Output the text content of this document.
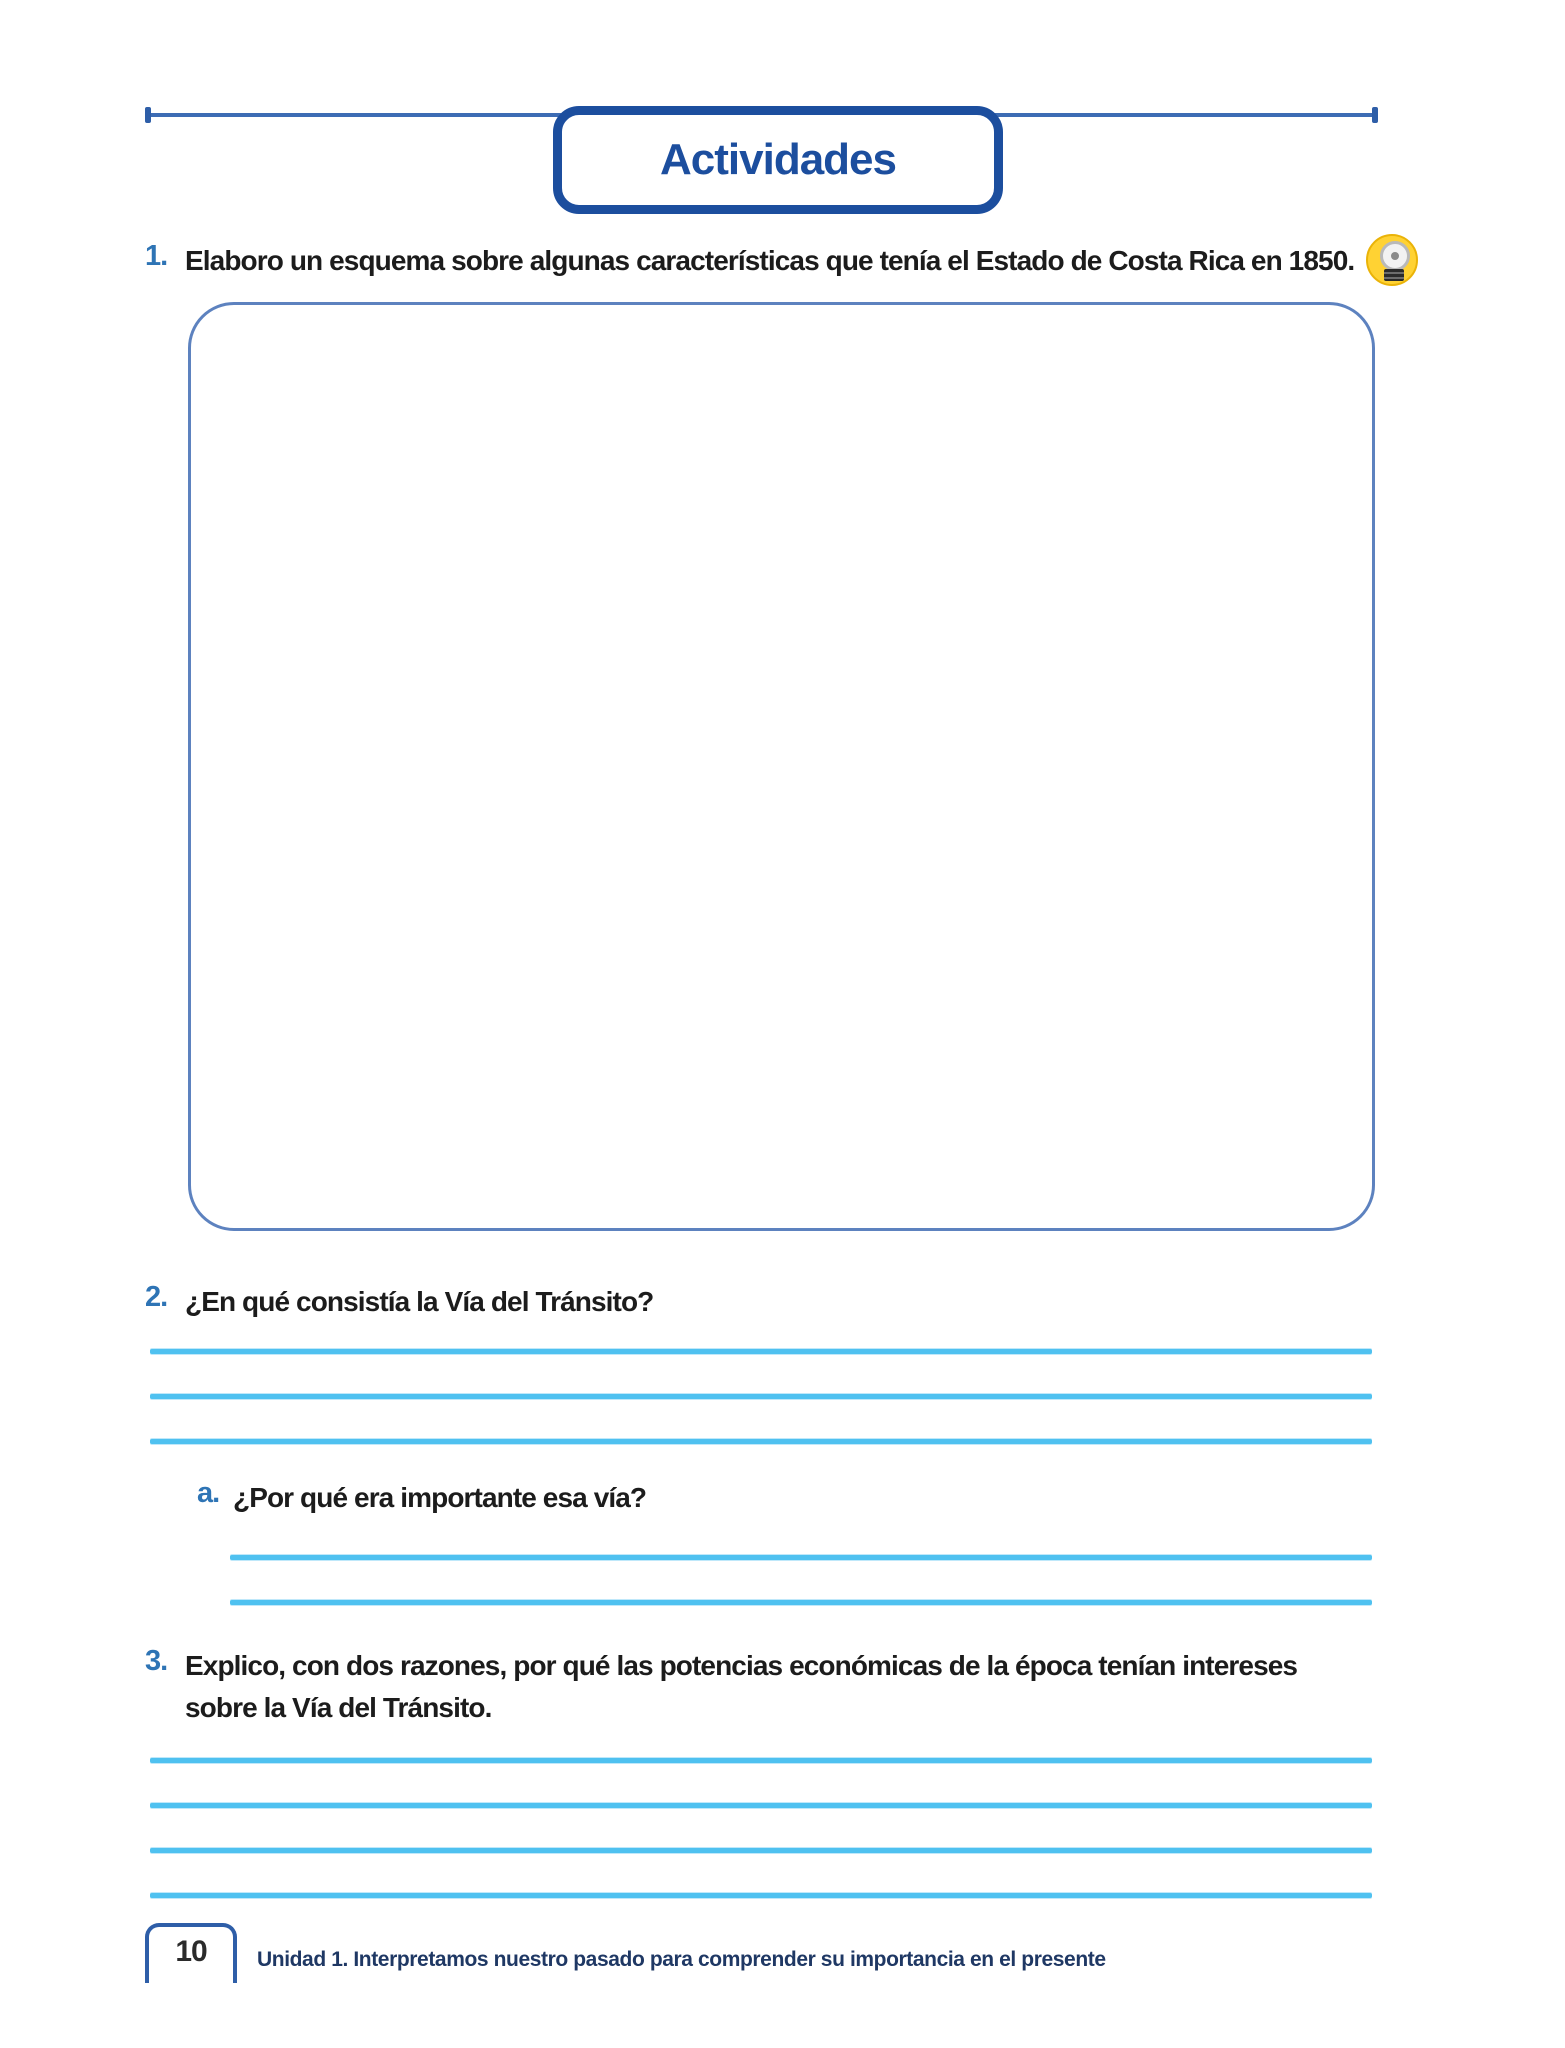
Actividades
1. Elaboro un esquema sobre algunas características que tenía el Estado de Costa Rica en 1850.
2. ¿En qué consistía la Vía del Tránsito?
a. ¿Por qué era importante esa vía?
3. Explico, con dos razones, por qué las potencias económicas de la época tenían intereses sobre la Vía del Tránsito.
10 Unidad 1. Interpretamos nuestro pasado para comprender su importancia en el presente
